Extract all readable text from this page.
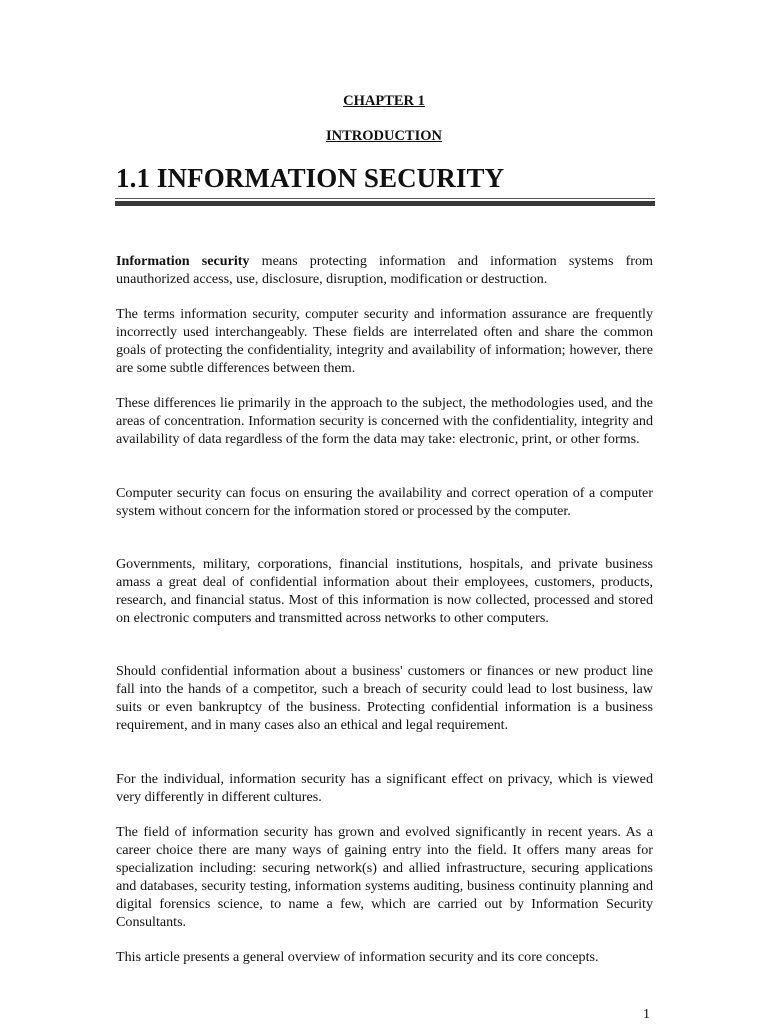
CHAPTER 1

INTRODUCTION

1.1 INFORMATION SECURITY

Information security means protecting information and information systems from unauthorized access, use, disclosure, disruption, modification or destruction.

The terms information security, computer security and information assurance are frequently incorrectly used interchangeably. These fields are interrelated often and share the common goals of protecting the confidentiality, integrity and availability of information; however, there are some subtle differences between them.

These differences lie primarily in the approach to the subject, the methodologies used, and the areas of concentration. Information security is concerned with the confidentiality, integrity and availability of data regardless of the form the data may take: electronic, print, or other forms.

Computer security can focus on ensuring the availability and correct operation of a computer system without concern for the information stored or processed by the computer.

Governments, military, corporations, financial institutions, hospitals, and private business amass a great deal of confidential information about their employees, customers, products, research, and financial status. Most of this information is now collected, processed and stored on electronic computers and transmitted across networks to other computers.

Should confidential information about a business' customers or finances or new product line fall into the hands of a competitor, such a breach of security could lead to lost business, law suits or even bankruptcy of the business. Protecting confidential information is a business requirement, and in many cases also an ethical and legal requirement.

For the individual, information security has a significant effect on privacy, which is viewed very differently in different cultures.

The field of information security has grown and evolved significantly in recent years. As a career choice there are many ways of gaining entry into the field. It offers many areas for specialization including: securing network(s) and allied infrastructure, securing applications and databases, security testing, information systems auditing, business continuity planning and digital forensics science, to name a few, which are carried out by Information Security Consultants.

This article presents a general overview of information security and its core concepts.

1
